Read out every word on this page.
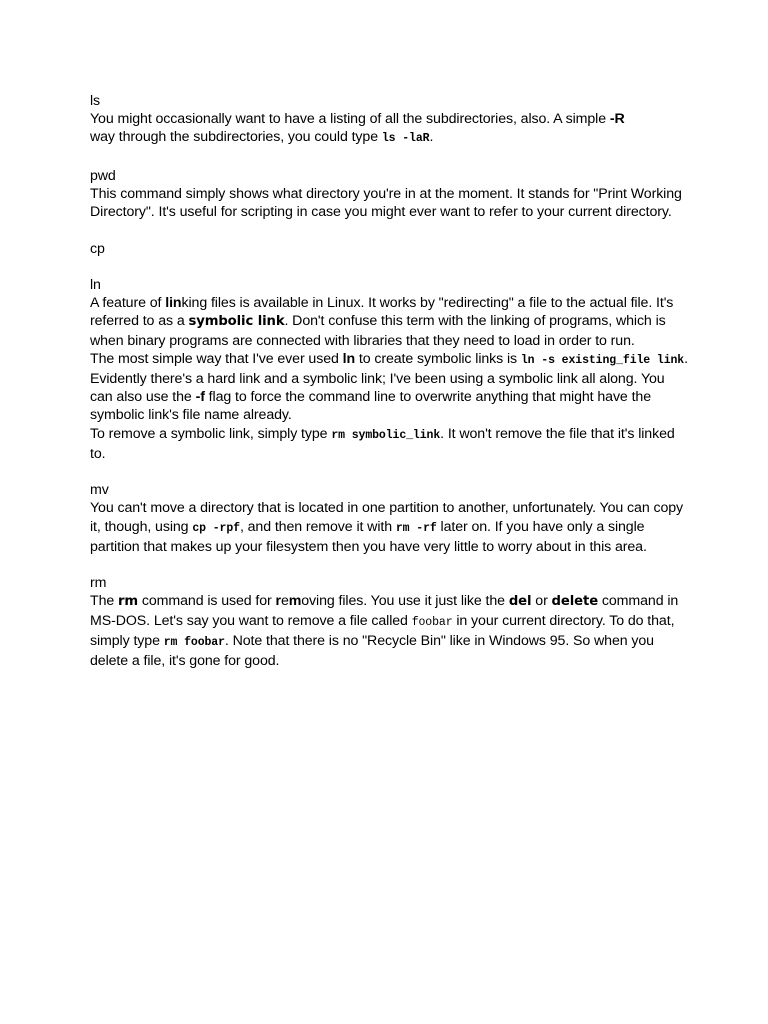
ls
You might occasionally want to have a listing of all the subdirectories, also. A simple -R
way through the subdirectories, you could type ls -laR.
pwd
This command simply shows what directory you're in at the moment. It stands for "Print Working Directory". It's useful for scripting in case you might ever want to refer to your current directory.
cp
ln
A feature of linking files is available in Linux. It works by "redirecting" a file to the actual file. It's referred to as a symbolic link. Don't confuse this term with the linking of programs, which is when binary programs are connected with libraries that they need to load in order to run.
The most simple way that I've ever used ln to create symbolic links is ln -s existing_file link. Evidently there's a hard link and a symbolic link; I've been using a symbolic link all along. You can also use the -f flag to force the command line to overwrite anything that might have the symbolic link's file name already.
To remove a symbolic link, simply type rm symbolic_link. It won't remove the file that it's linked to.
mv
You can't move a directory that is located in one partition to another, unfortunately. You can copy it, though, using cp -rpf, and then remove it with rm -rf later on. If you have only a single partition that makes up your filesystem then you have very little to worry about in this area.
rm
The rm command is used for removing files. You use it just like the del or delete command in MS-DOS. Let's say you want to remove a file called foobar in your current directory. To do that, simply type rm foobar. Note that there is no "Recycle Bin" like in Windows 95. So when you delete a file, it's gone for good.
